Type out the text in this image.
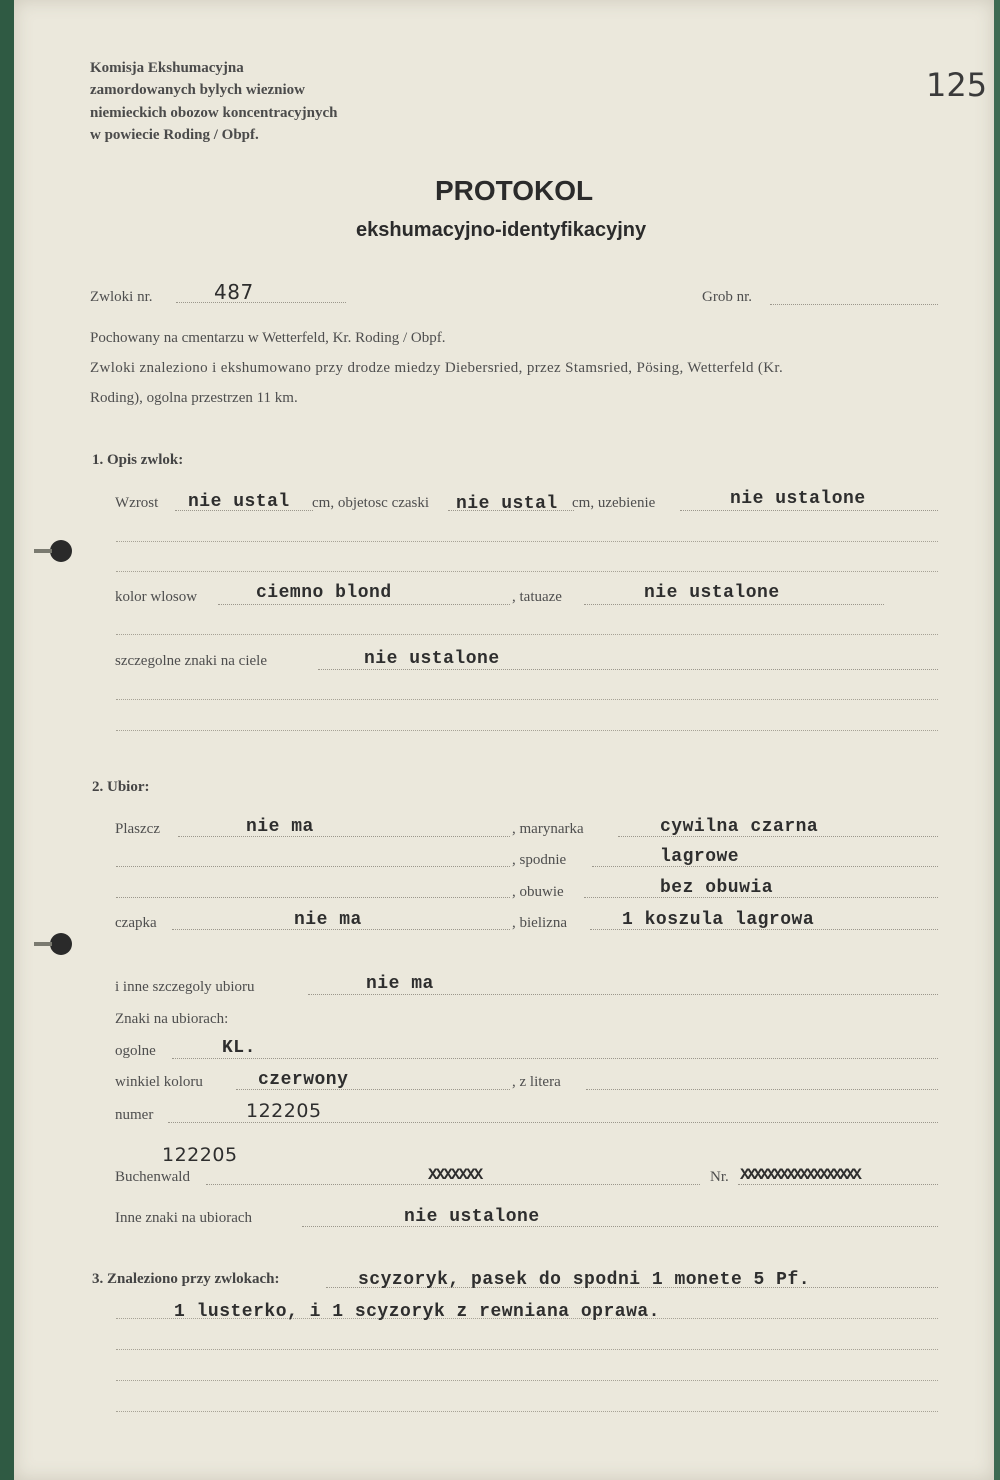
Komisja Ekshumacyjna
zamordowanych bylych wiezniow
niemieckich obozow koncentracyjnych
w powiecie Roding / Obpf.
125
PROTOKOL
ekshumacyjno-identyfikacyjny
Zwloki nr.	487	Grob nr.
Pochowany na cmentarzu w Wetterfeld, Kr. Roding / Obpf.
Zwloki znaleziono i ekshumowano przy drodze miedzy Diebersried, przez Stamsried, Pösing, Wetterfeld (Kr.
Roding), ogolna przestrzen 11 km.
1. Opis zwlok:
Wzrost nie ustal cm, objetosc czaski nie ustal cm, uzebienie	nie ustalone
kolor wlosow	ciemno blond	, tatuaze	nie ustalone
szczegolne znaki na ciele	nie ustalone
2. Ubior:
Plaszcz	nie ma	, marynarka	cywilna czarna
, spodnie	lagrowe
, obuwie	bez obuwia
czapka	nie ma	, bielizna	1 koszula lagrowa
i inne szczegoly ubioru	nie ma
Znaki na ubiorach:
ogolne	KL.
winkiel koloru	czerwony	, z litera
numer	122205
122205
Buchenwald	XXXXXXX	Nr. XXXXXXXXXXXXXXXXXX
Inne znaki na ubiorach	nie ustalone
3. Znaleziono przy zwlokach:	scyzoryk, pasek do spodni 1 monete 5 Pf.
1 lusterko, i 1 scyzoryk z rewniana oprawa.
